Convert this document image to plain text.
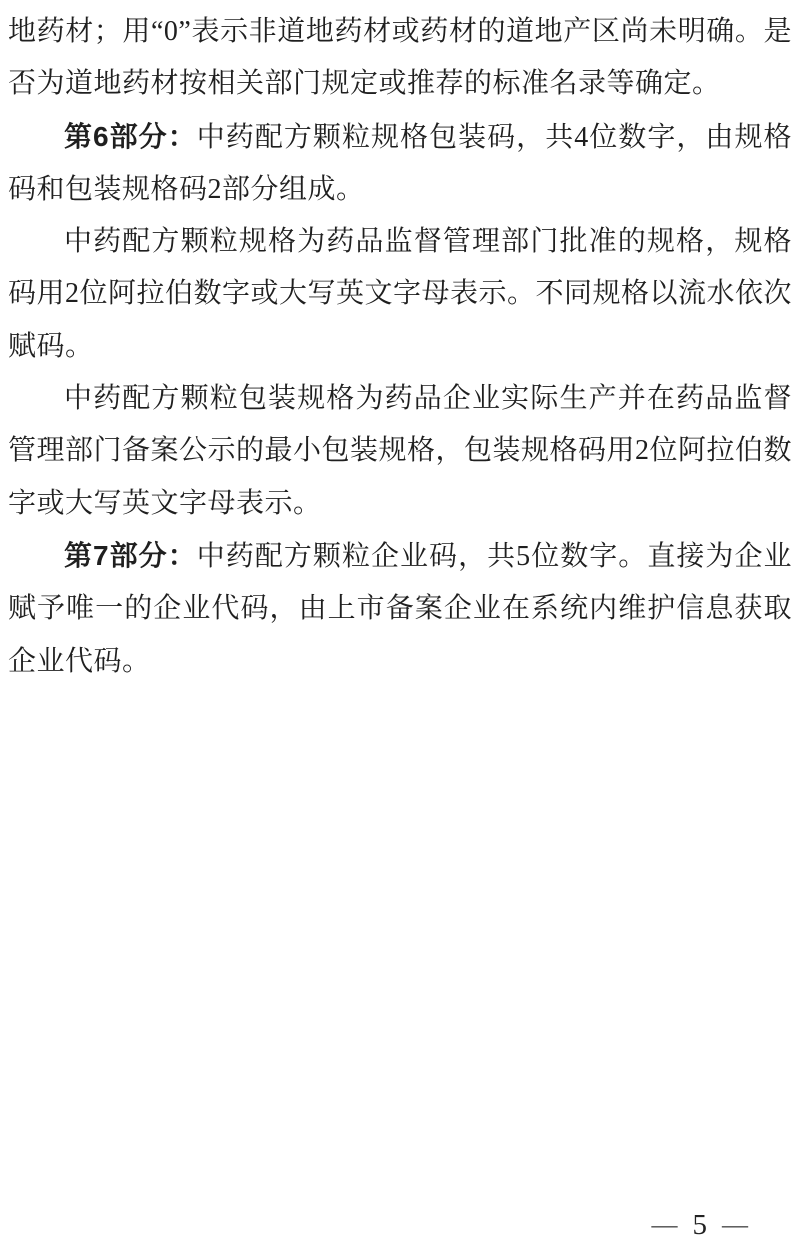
地药材；用“0”表示非道地药材或药材的道地产区尚未明确。是否为道地药材按相关部门规定或推荐的标准名录等确定。

第6部分：中药配方颗粒规格包装码，共4位数字，由规格码和包装规格码2部分组成。

中药配方颗粒规格为药品监督管理部门批准的规格，规格码用2位阿拉伯数字或大写英文字母表示。不同规格以流水依次赋码。

中药配方颗粒包装规格为药品企业实际生产并在药品监督管理部门备案公示的最小包装规格，包装规格码用2位阿拉伯数字或大写英文字母表示。

第7部分：中药配方颗粒企业码，共5位数字。直接为企业赋予唯一的企业代码，由上市备案企业在系统内维护信息获取企业代码。

— 5 —
